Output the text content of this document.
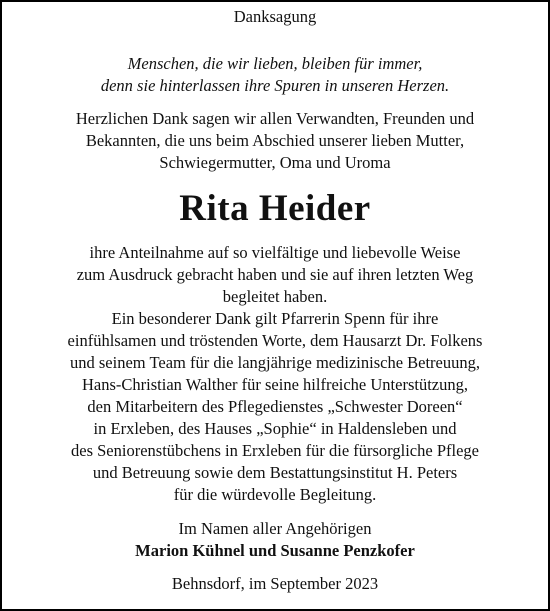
Danksagung
Menschen, die wir lieben, bleiben für immer,
denn sie hinterlassen ihre Spuren in unseren Herzen.
Herzlichen Dank sagen wir allen Verwandten, Freunden und
Bekannten, die uns beim Abschied unserer lieben Mutter,
Schwiegermutter, Oma und Uroma
Rita Heider
ihre Anteilnahme auf so vielfältige und liebevolle Weise
zum Ausdruck gebracht haben und sie auf ihren letzten Weg
begleitet haben.
Ein besonderer Dank gilt Pfarrerin Spenn für ihre
einfühlsamen und tröstenden Worte, dem Hausarzt Dr. Folkens
und seinem Team für die langjährige medizinische Betreuung,
Hans-Christian Walther für seine hilfreiche Unterstützung,
den Mitarbeitern des Pflegedienstes „Schwester Doreen“
in Erxleben, des Hauses „Sophie“ in Haldensleben und
des Seniorenstübchens in Erxleben für die fürsorgliche Pflege
und Betreuung sowie dem Bestattungsinstitut H. Peters
für die würdevolle Begleitung.
Im Namen aller Angehörigen
Marion Kühnel und Susanne Penzkofer
Behnsdorf, im September 2023
